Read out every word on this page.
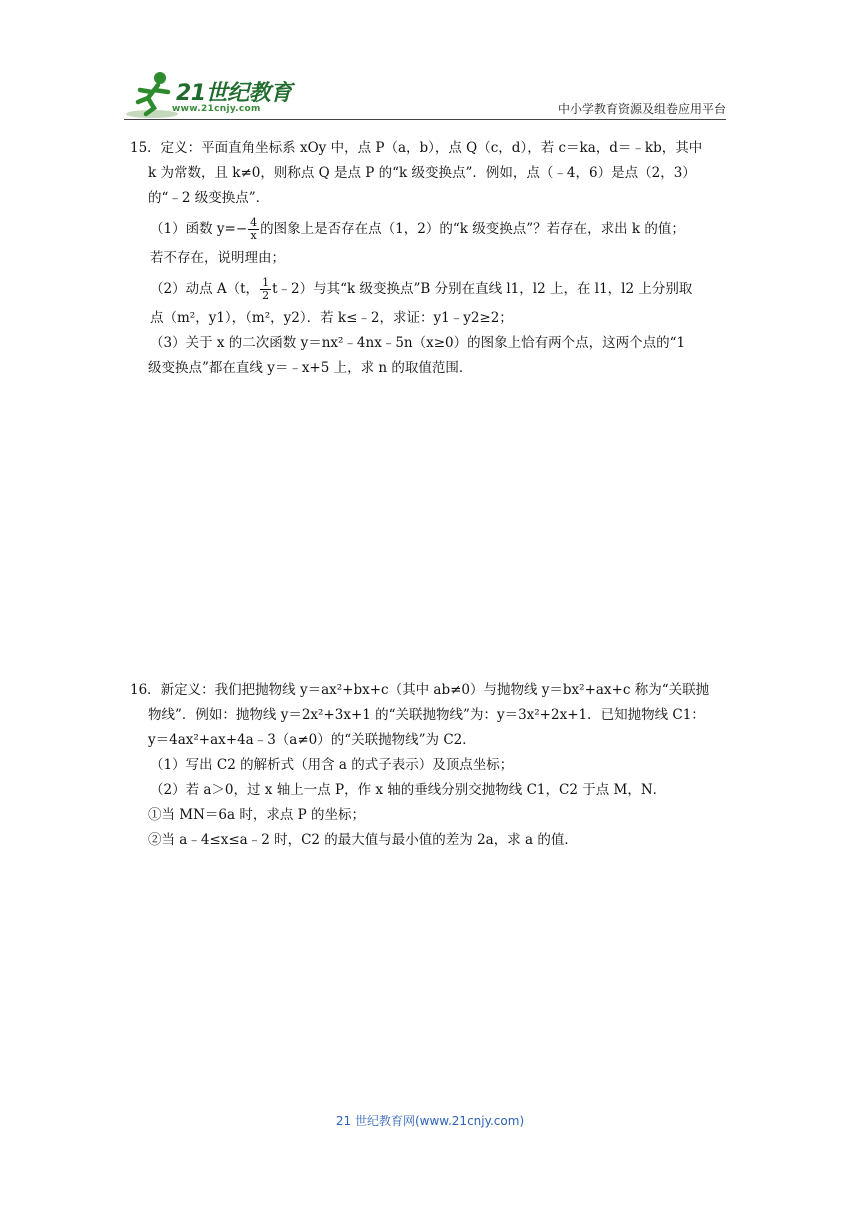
21世纪教育
www.21cnjy.com	中小学教育资源及组卷应用平台

15．定义：平面直角坐标系 xOy 中，点 P（a，b），点 Q（c，d），若 c＝ka，d＝﹣kb，其中

k 为常数，且 k≠0，则称点 Q 是点 P 的“k 级变换点”．例如，点（﹣4，6）是点（2，3）

的“﹣2 级变换点”．

（1）函数 $y=- \frac{4}{x}$ 的图象上是否存在点（1，2）的“k 级变换点”？若存在，求出 k 的值；

若不存在，说明理由；

（2）动点 A（t， $\frac{1}{2}$ t﹣2）与其“k 级变换点”B 分别在直线 l1，l2 上，在 l1，l2 上分别取

点（m²，y1），（m²，y2）．若 k≤﹣2，求证：y1﹣y2≥2；

（3）关于 x 的二次函数 y＝nx²﹣4nx﹣5n（x≥0）的图象上恰有两个点，这两个点的“1

级变换点”都在直线 y＝﹣x+5 上，求 n 的取值范围．

16．新定义：我们把抛物线 y＝ax²+bx+c（其中 ab≠0）与抛物线 y＝bx²+ax+c 称为“关联抛

物线”．例如：抛物线 y＝2x²+3x+1 的“关联抛物线”为：y＝3x²+2x+1．已知抛物线 C1：

y＝4ax²+ax+4a﹣3（a≠0）的“关联抛物线”为 C2．

（1）写出 C2 的解析式（用含 a 的式子表示）及顶点坐标；

（2）若 a＞0，过 x 轴上一点 P，作 x 轴的垂线分别交抛物线 C1，C2 于点 M，N．

①当 MN＝6a 时，求点 P 的坐标；

②当 a﹣4≤x≤a﹣2 时，C2 的最大值与最小值的差为 2a，求 a 的值．

21 世纪教育网(www.21cnjy.com)
